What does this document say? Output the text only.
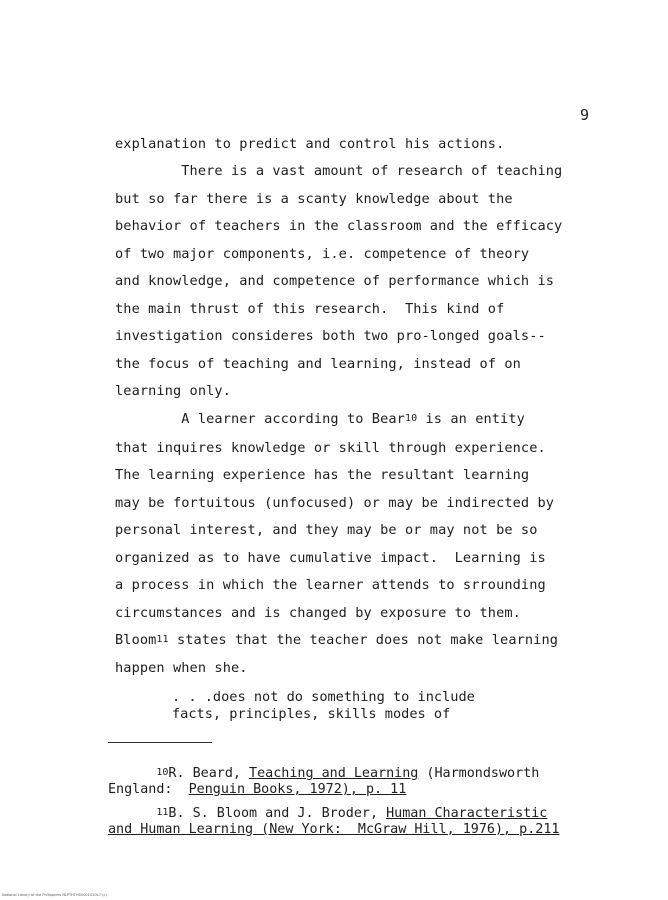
9
explanation to predict and control his actions.
There is a vast amount of research of teaching
but so far there is a scanty knowledge about the
behavior of teachers in the classroom and the efficacy
of two major components, i.e. competence of theory
and knowledge, and competence of performance which is
the main thrust of this research.  This kind of
investigation consideres both two pro-longed goals--
the focus of teaching and learning, instead of on
learning only.
A learner according to Bear$^{10}$ is an entity
that inquires knowledge or skill through experience.
The learning experience has the resultant learning
may be fortuitous (unfocused) or may be indirected by
personal interest, and they may be or may not be so
organized as to have cumulative impact.  Learning is
a process in which the learner attends to srrounding
circumstances and is changed by exposure to them.
Bloom$^{11}$ states that the teacher does not make learning
happen when she.
. . .does not do something to include
facts, principles, skills modes of
$^{10}$R. Beard, Teaching and Learning (Harmondsworth
England:  Penguin Books, 1972), p. 11
$^{11}$B. S. Bloom and J. Broder, Human Characteristic
and Human Learning (New York:  McGraw Hill, 1976), p.211
National Library of the Philippines NLPTHTHSV00101017 (c)
